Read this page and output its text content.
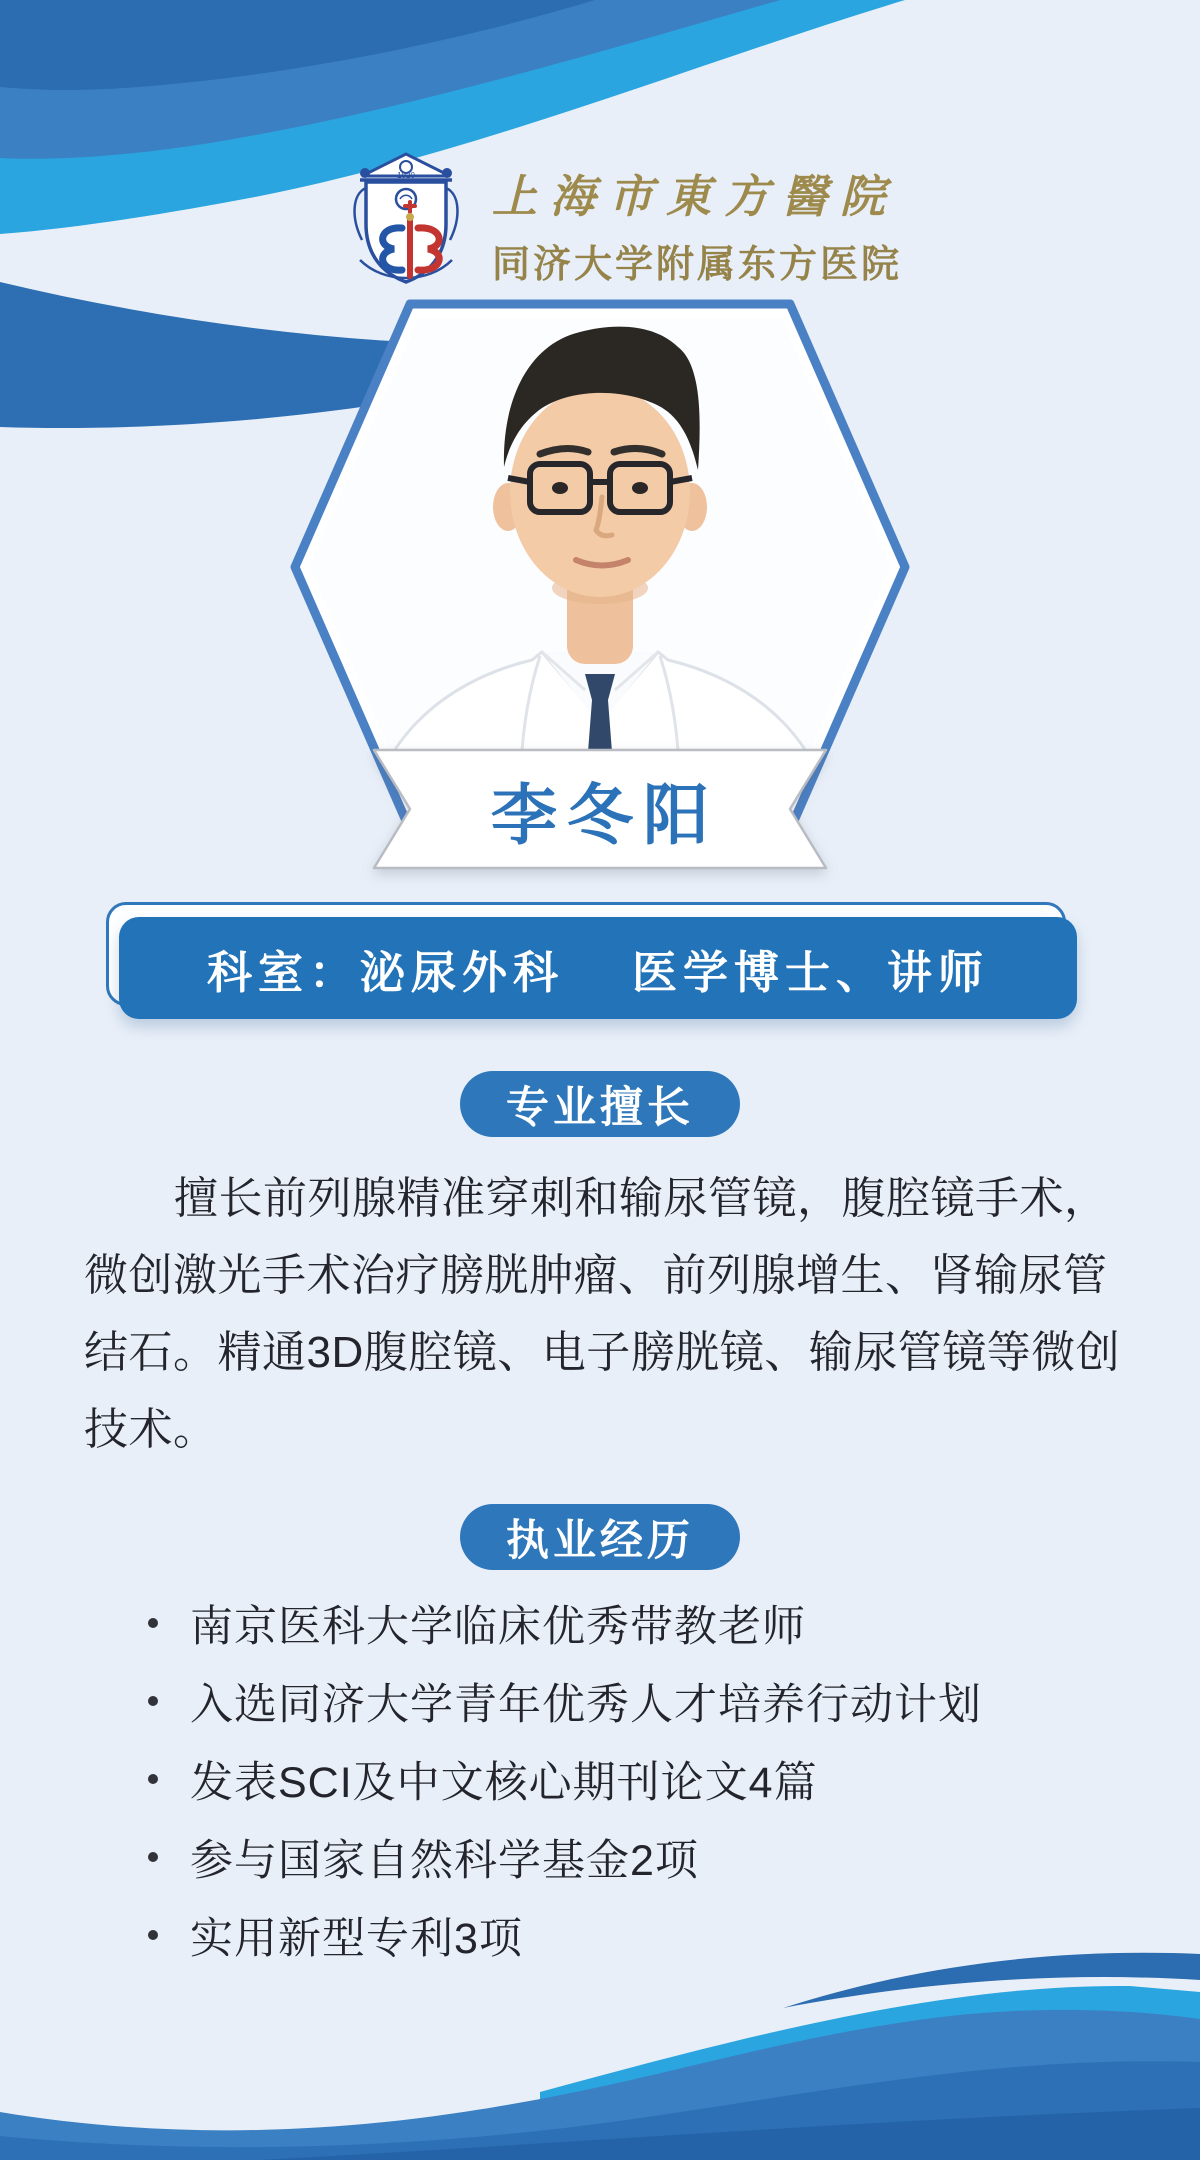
1920 上海市東方醫院
同济大学附属东方医院
李冬阳
科室：泌尿外科 医学博士、讲师
专业擅长
擅长前列腺精准穿刺和输尿管镜，腹腔镜手术，
微创激光手术治疗膀胱肿瘤、前列腺增生、肾输尿管
结石。精通3D腹腔镜、电子膀胱镜、输尿管镜等微创
技术。
执业经历
南京医科大学临床优秀带教老师
入选同济大学青年优秀人才培养行动计划
发表SCI及中文核心期刊论文4篇
参与国家自然科学基金2项
实用新型专利3项
